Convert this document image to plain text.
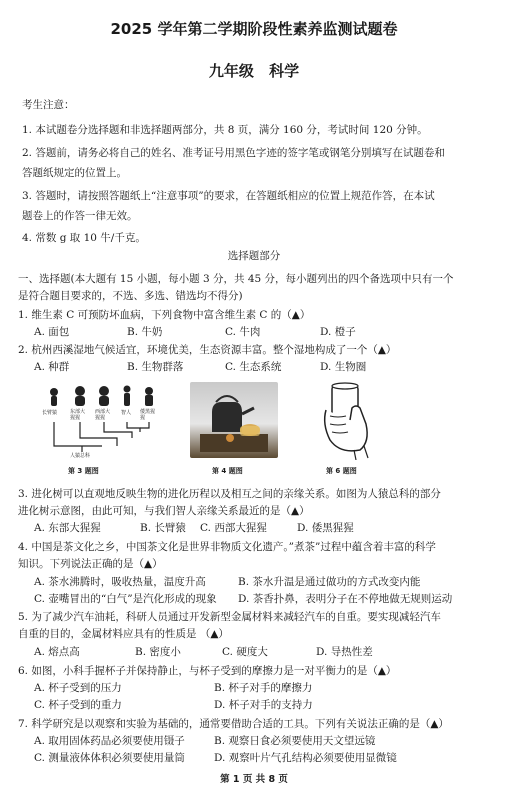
2025 学年第二学期阶段性素养监测试题卷
九年级 科学
考生注意：
1. 本试题卷分选择题和非选择题两部分，共 8 页，满分 160 分，考试时间 120 分钟。
2. 答题前，请务必将自己的姓名、准考证号用黑色字迹的签字笔或钢笔分别填写在试题卷和
答题纸规定的位置上。
3. 答题时，请按照答题纸上“注意事项”的要求，在答题纸相应的位置上规范作答，在本试
题卷上的作答一律无效。
4. 常数 g 取 10 牛/千克。
选择题部分
一、选择题(本大题有 15 小题，每小题 3 分，共 45 分，每小题列出的四个备选项中只有一个
是符合题目要求的，不选、多选、错选均不得分)
1. 维生素 C 可预防坏血病，下列食物中富含维生素 C 的（▲）
A. 面包	B. 牛奶	C. 牛肉	D. 橙子
2. 杭州西溪湿地气候适宜，环境优美，生态资源丰富。整个湿地构成了一个（▲）
A. 种群	B. 生物群落	C. 生态系统	D. 生物圈
长臂猿	东部大猩猩
西部大猩猩
智人 倭黑猩猩
人猿总科
第 3 题图	第 4 题图	第 6 题图
3. 进化树可以直观地反映生物的进化历程以及相互之间的亲缘关系。如图为人猿总科的部分
进化树示意图，由此可知，与我们智人亲缘关系最近的是（▲）
A. 东部大猩猩	B. 长臂猿 C. 西部大猩猩	D. 倭黑猩猩
4. 中国是茶文化之乡，中国茶文化是世界非物质文化遗产。”煮茶”过程中蕴含着丰富的科学
知识。下列说法正确的是（▲）
A. 茶水沸腾时，吸收热量，温度升高	B. 茶水升温是通过做功的方式改变内能
C. 壶嘴冒出的“白气”是汽化形成的现象 D. 茶香扑鼻，表明分子在不停地做无规则运动
5. 为了减少汽车油耗，科研人员通过开发新型金属材料来减轻汽车的自重。要实现减轻汽车
自重的目的，金属材料应具有的性质是 （▲）
A. 熔点高	B. 密度小	C. 硬度大	D. 导热性差
6. 如图，小科手握杯子并保持静止，与杯子受到的摩擦力是一对平衡力的是（▲）
A. 杯子受到的压力	B. 杯子对手的摩擦力
C. 杯子受到的重力	D. 杯子对手的支持力
7. 科学研究是以观察和实验为基础的，通常要借助合适的工具。下列有关说法正确的是（▲）
A. 取用固体药品必须要使用镊子	B. 观察日食必须要使用天文望远镜
C. 测量液体体积必须要使用量筒	D. 观察叶片气孔结构必须要使用显微镜
第 1 页 共 8 页
